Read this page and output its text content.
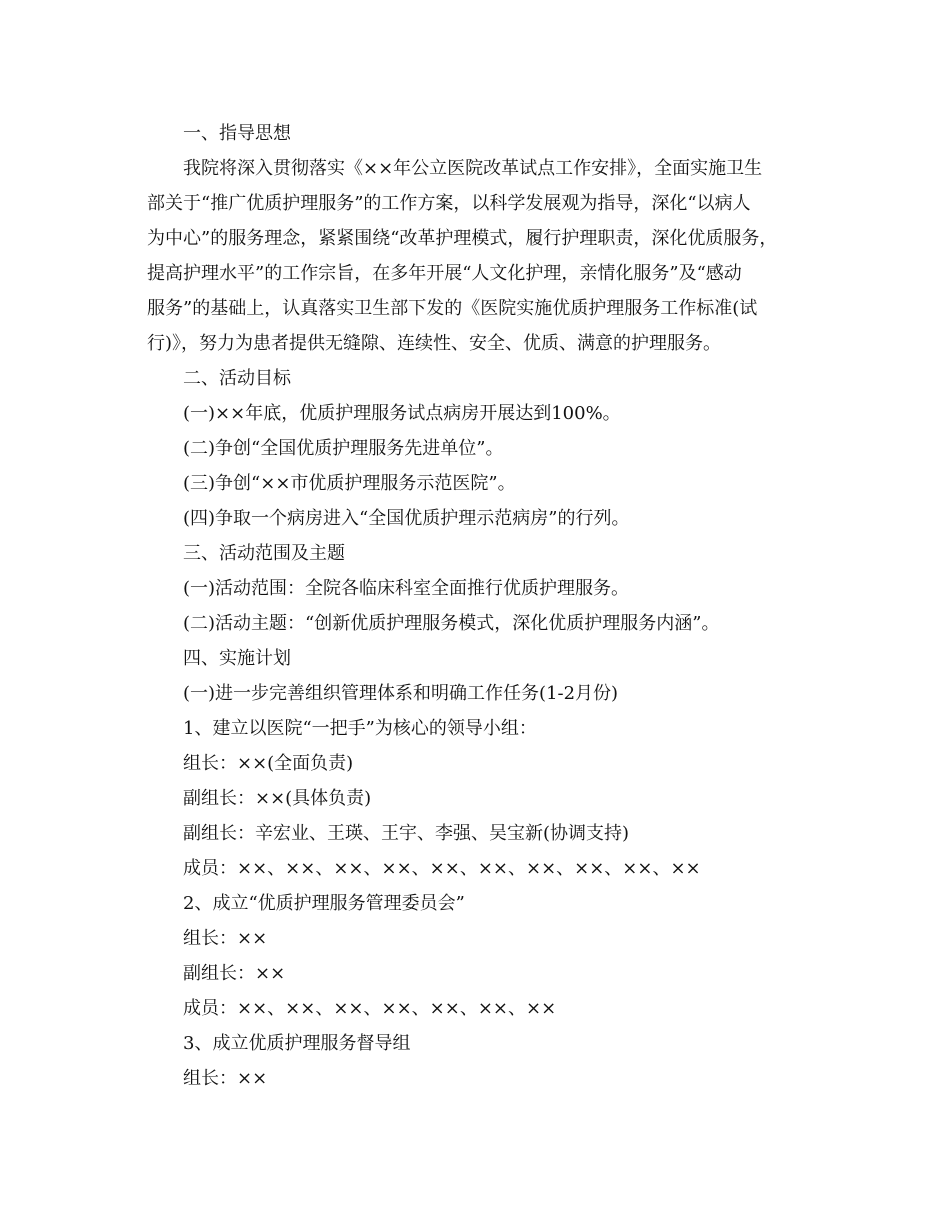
一、指导思想
我院将深入贯彻落实《××年公立医院改革试点工作安排》，全面实施卫生
部关于“推广优质护理服务”的工作方案，以科学发展观为指导，深化“以病人
为中心”的服务理念，紧紧围绕“改革护理模式，履行护理职责，深化优质服务，
提高护理水平”的工作宗旨，在多年开展“人文化护理，亲情化服务”及“感动
服务”的基础上，认真落实卫生部下发的《医院实施优质护理服务工作标准(试
行)》，努力为患者提供无缝隙、连续性、安全、优质、满意的护理服务。
二、活动目标
(一)××年底，优质护理服务试点病房开展达到100%。
(二)争创“全国优质护理服务先进单位”。
(三)争创“××市优质护理服务示范医院”。
(四)争取一个病房进入“全国优质护理示范病房”的行列。
三、活动范围及主题
(一)活动范围：全院各临床科室全面推行优质护理服务。
(二)活动主题：“创新优质护理服务模式，深化优质护理服务内涵”。
四、实施计划
(一)进一步完善组织管理体系和明确工作任务(1-2月份)
1、建立以医院“一把手”为核心的领导小组：
组长：××(全面负责)
副组长：××(具体负责)
副组长：辛宏业、王瑛、王宇、李强、吴宝新(协调支持)
成员：××、××、××、××、××、××、××、××、××、××
2、成立“优质护理服务管理委员会”
组长：××
副组长：××
成员：××、××、××、××、××、××、××
3、成立优质护理服务督导组
组长：××
